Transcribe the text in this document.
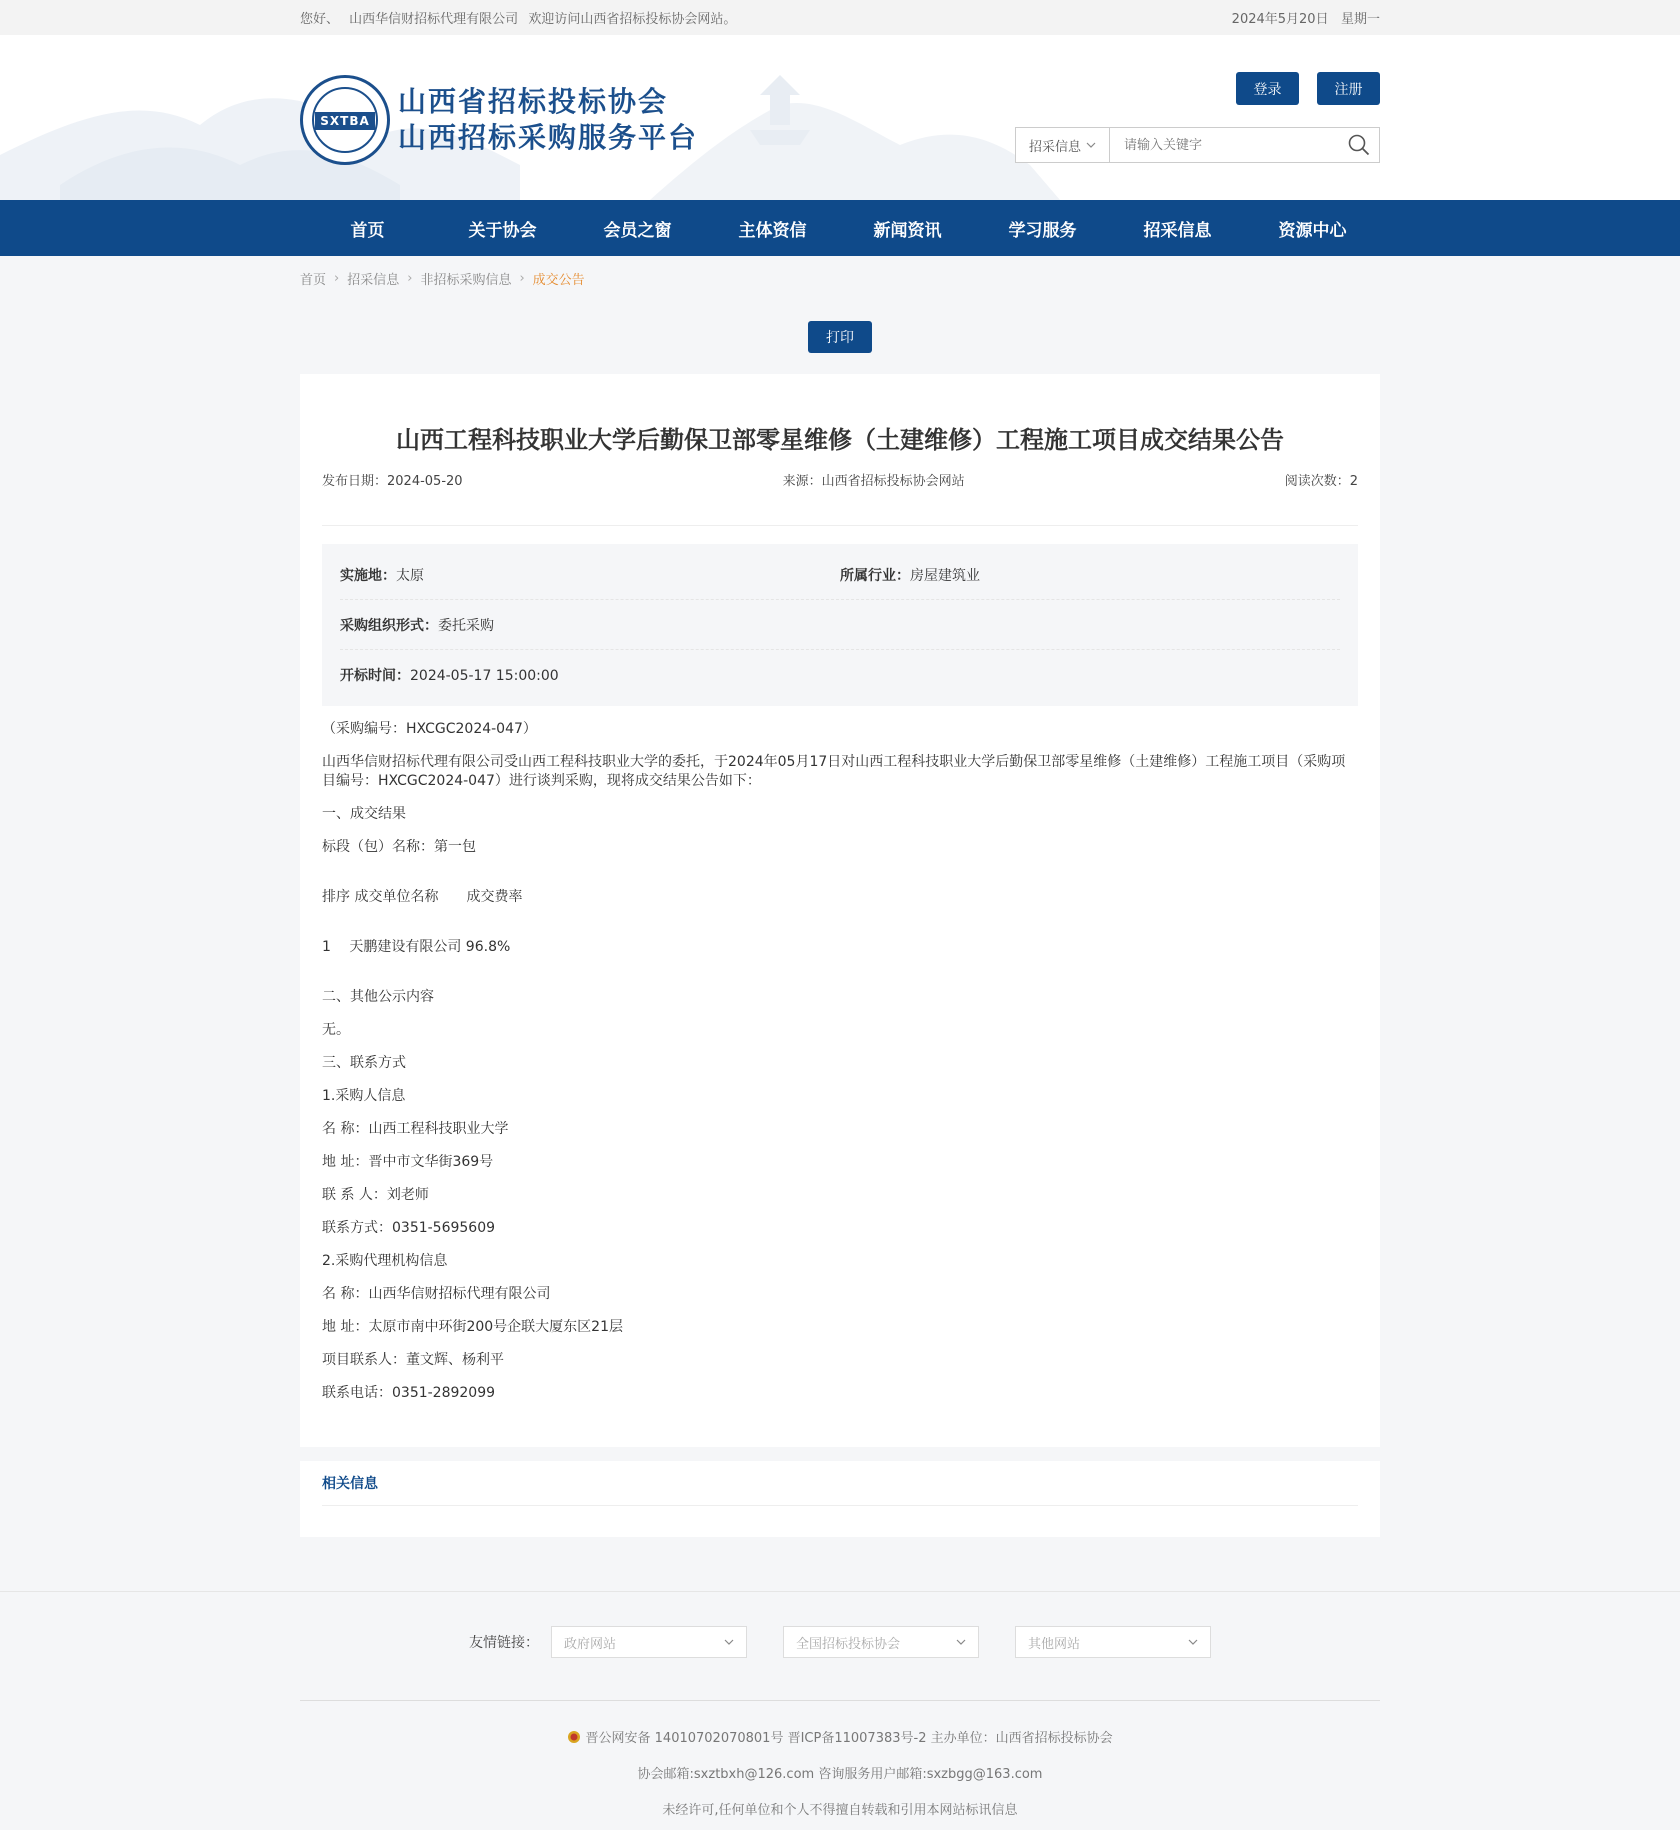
您好、 山西华信财招标代理有限公司 欢迎访问山西省招标投标协会网站。	2024年5月20日 星期一
SXTBA
山西省招标投标协会
山西招标采购服务平台
登录	注册
招采信息
请输入关键字
首页	关于协会	会员之窗	主体资信	新闻资讯	学习服务	招采信息	资源中心
首页 › 招采信息 › 非招标采购信息 › 成交公告
打印
山西工程科技职业大学后勤保卫部零星维修（土建维修）工程施工项目成交结果公告
发布日期：2024-05-20	来源：山西省招标投标协会网站	阅读次数：2
实施地：太原	所属行业：房屋建筑业
采购组织形式：委托采购
开标时间：2024-05-17 15:00:00

（采购编号：HXCGC2024-047）

山西华信财招标代理有限公司受山西工程科技职业大学的委托，于2024年05月17日对山西工程科技职业大学后勤保卫部零星维修（土建维修）工程施工项目（采购项目编号：HXCGC2024-047）进行谈判采购，现将成交结果公告如下：

一、成交结果

标段（包）名称：第一包

排序 成交单位名称　　成交费率

1　 天鹏建设有限公司 96.8%

二、其他公示内容

无。

三、联系方式

1.采购人信息

名 称：山西工程科技职业大学

地 址：晋中市文华街369号

联 系 人：刘老师

联系方式：0351-5695609

2.采购代理机构信息

名 称：山西华信财招标代理有限公司

地 址：太原市南中环街200号企联大厦东区21层

项目联系人：董文辉、杨利平

联系电话：0351-2892099

相关信息
友情链接： 政府网站	全国招标投标协会	其他网站
晋公网安备 14010702070801号 晋ICP备11007383号-2 主办单位：山西省招标投标协会
协会邮箱:sxztbxh@126.com 咨询服务用户邮箱:sxzbgg@163.com
未经许可,任何单位和个人不得擅自转载和引用本网站标讯信息
